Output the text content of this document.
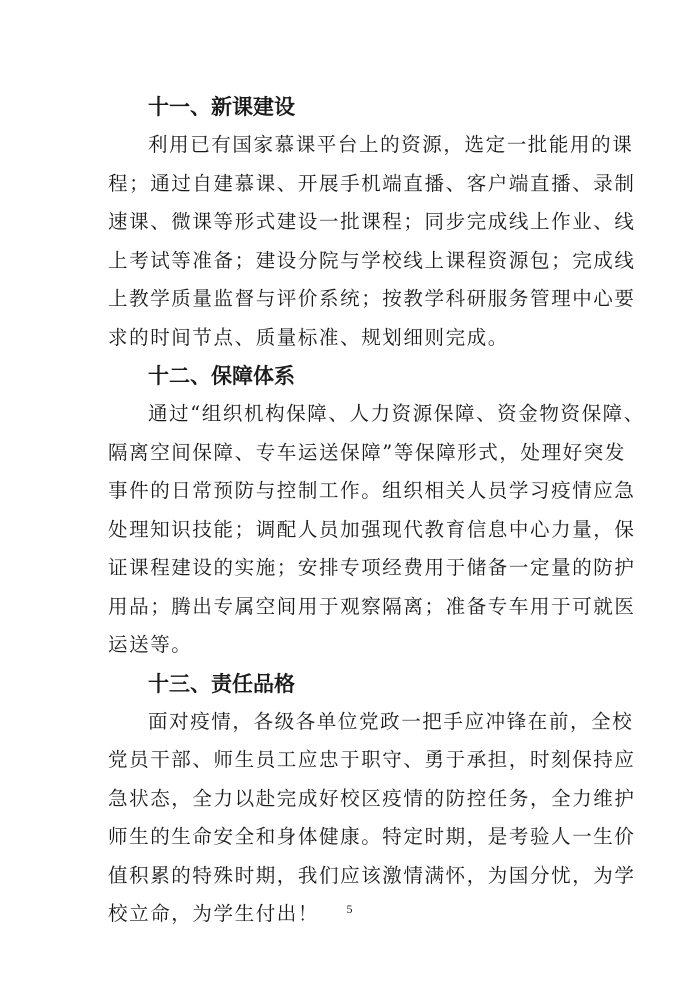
十一、新课建设
利用已有国家慕课平台上的资源，选定一批能用的课
程；通过自建慕课、开展手机端直播、客户端直播、录制
速课、微课等形式建设一批课程；同步完成线上作业、线
上考试等准备；建设分院与学校线上课程资源包；完成线
上教学质量监督与评价系统；按教学科研服务管理中心要
求的时间节点、质量标准、规划细则完成。
十二、保障体系
通过“组织机构保障、人力资源保障、资金物资保障、
隔离空间保障、专车运送保障”等保障形式，处理好突发
事件的日常预防与控制工作。组织相关人员学习疫情应急
处理知识技能；调配人员加强现代教育信息中心力量，保
证课程建设的实施；安排专项经费用于储备一定量的防护
用品；腾出专属空间用于观察隔离；准备专车用于可就医
运送等。
十三、责任品格
面对疫情，各级各单位党政一把手应冲锋在前，全校
党员干部、师生员工应忠于职守、勇于承担，时刻保持应
急状态，全力以赴完成好校区疫情的防控任务，全力维护
师生的生命安全和身体健康。特定时期，是考验人一生价
值积累的特殊时期，我们应该激情满怀，为国分忧，为学
校立命，为学生付出！	5
